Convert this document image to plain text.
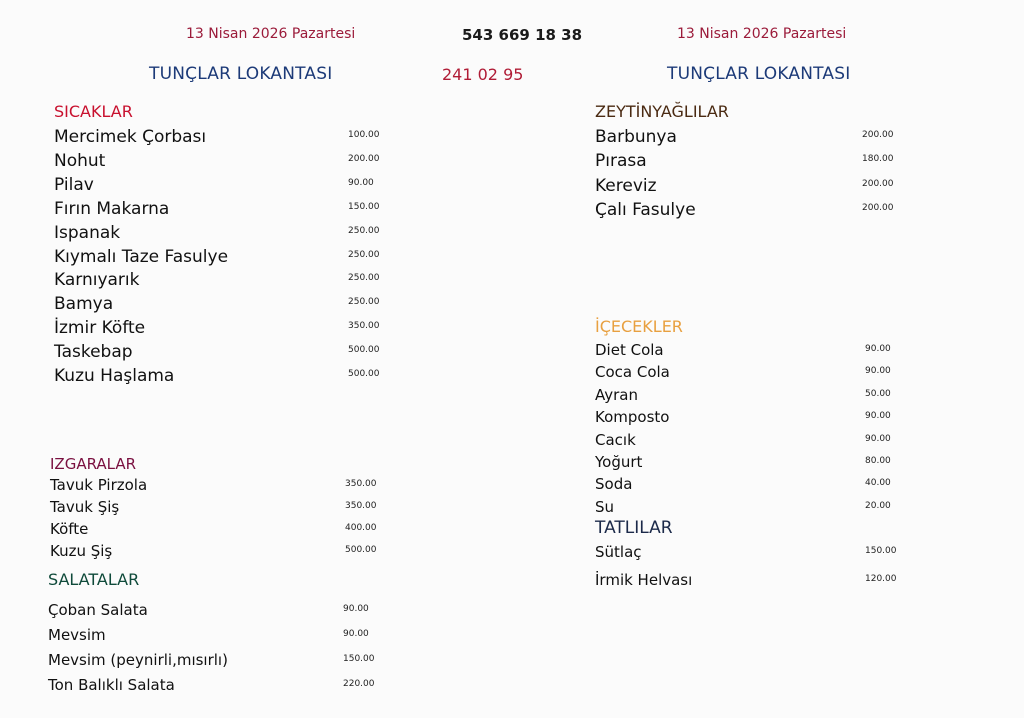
13 Nisan 2026 Pazartesi	543 669 18 38	13 Nisan 2026 Pazartesi
TUNÇLAR LOKANTASI	241 02 95	TUNÇLAR LOKANTASI
SICAKLAR
Mercimek Çorbası	100.00
Nohut	200.00
Pilav	90.00
Fırın Makarna	150.00
Ispanak	250.00
Kıymalı Taze Fasulye	250.00
Karnıyarık	250.00
Bamya	250.00
İzmir Köfte	350.00
Taskebap	500.00
Kuzu Haşlama	500.00
IZGARALAR
Tavuk Pirzola	350.00
Tavuk Şiş	350.00
Köfte	400.00
Kuzu Şiş	500.00
SALATALAR
Çoban Salata	90.00
Mevsim	90.00
Mevsim (peynirli,mısırlı)	150.00
Ton Balıklı Salata	220.00
ZEYTİNYAĞLILAR
Barbunya	200.00
Pırasa	180.00
Kereviz	200.00
Çalı Fasulye	200.00
İÇECEKLER
Diet Cola	90.00
Coca Cola	90.00
Ayran	50.00
Komposto	90.00
Cacık	90.00
Yoğurt	80.00
Soda	40.00
Su	20.00
TATLILAR
Sütlaç	150.00
İrmik Helvası	120.00
